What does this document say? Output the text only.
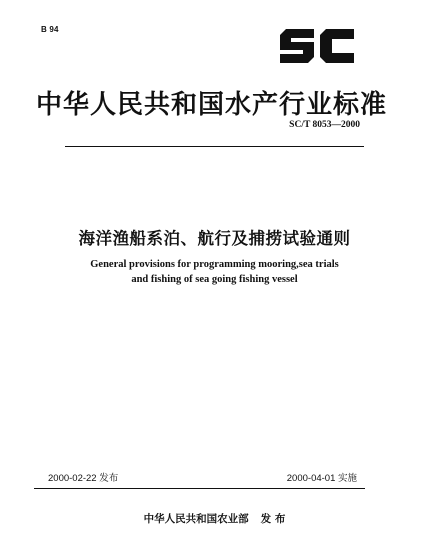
B 94
中华人民共和国水产行业标准
SC/T 8053—2000
海洋渔船系泊、航行及捕捞试验通则
General provisions for programming mooring,sea trials
and fishing of sea going fishing vessel
2000-02-22 发布	2000-04-01 实施
中华人民共和国农业部 发 布
